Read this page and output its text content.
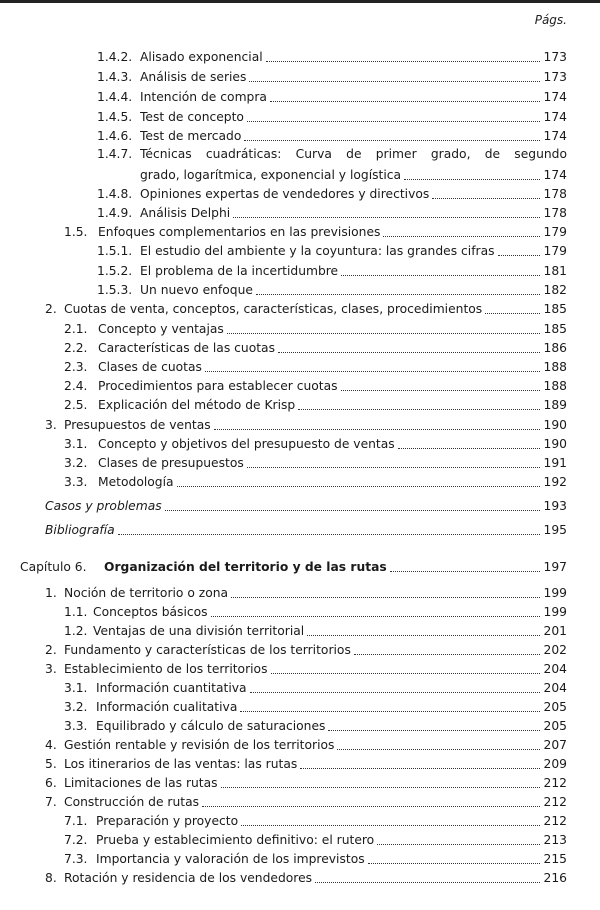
Págs.
1.4.2. Alisado exponencial	173
1.4.3. Análisis de series	173
1.4.4. Intención de compra	174
1.4.5. Test de concepto	174
1.4.6. Test de mercado	174
1.4.7. Técnicas cuadráticas: Curva de primer grado, de segundo
grado, logarítmica, exponencial y logística	174
1.4.8. Opiniones expertas de vendedores y directivos	178
1.4.9. Análisis Delphi	178
1.5. Enfoques complementarios en las previsiones	179
1.5.1. El estudio del ambiente y la coyuntura: las grandes cifras	179
1.5.2. El problema de la incertidumbre	181
1.5.3. Un nuevo enfoque	182
2. Cuotas de venta, conceptos, características, clases, procedimientos	185
2.1. Concepto y ventajas	185
2.2. Características de las cuotas	186
2.3. Clases de cuotas	188
2.4. Procedimientos para establecer cuotas	188
2.5. Explicación del método de Krisp	189
3. Presupuestos de ventas	190
3.1. Concepto y objetivos del presupuesto de ventas	190
3.2. Clases de presupuestos	191
3.3. Metodología	192
Casos y problemas	193
Bibliografía	195
Capítulo 6.	Organización del territorio y de las rutas	197
1. Noción de territorio o zona	199
1.1. Conceptos básicos	199
1.2. Ventajas de una división territorial	201
2. Fundamento y características de los territorios	202
3. Establecimiento de los territorios	204
3.1. Información cuantitativa	204
3.2. Información cualitativa	205
3.3. Equilibrado y cálculo de saturaciones	205
4. Gestión rentable y revisión de los territorios	207
5. Los itinerarios de las ventas: las rutas	209
6. Limitaciones de las rutas	212
7. Construcción de rutas	212
7.1. Preparación y proyecto	212
7.2. Prueba y establecimiento definitivo: el rutero	213
7.3. Importancia y valoración de los imprevistos	215
8. Rotación y residencia de los vendedores	216
